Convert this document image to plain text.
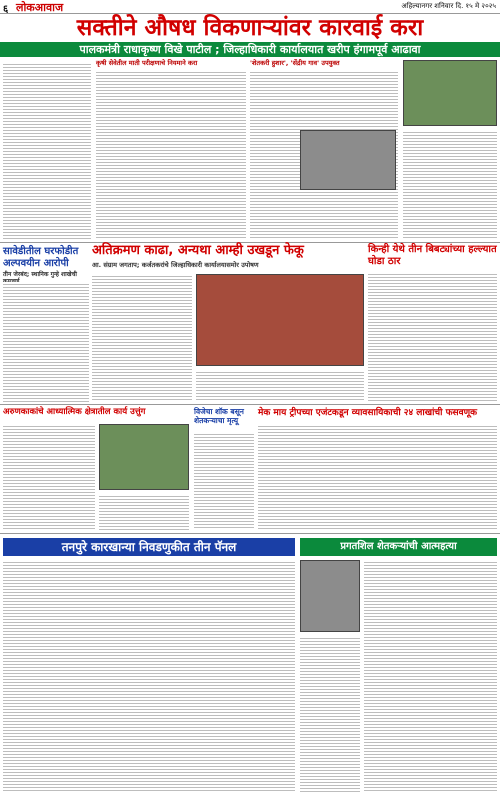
६ लोकआवाज	अहिल्यानगर शनिवार दि. १५ मे २०२५
सक्तीने औषध विकणाऱ्यांवर कारवाई करा
पालकमंत्री राधाकृष्ण विखे पाटील ; जिल्हाधिकारी कार्यालयात खरीप हंगामपूर्व आढावा
कृषी सेवेतील माती परीक्षणाचे नियमाने करा	'शेतकरी हुशार', 'सेंद्रीय गाव' उपयुक्त
सावेडीतील घरफोडीत अल्पवयीन आरोपी
तीन जेरबंद; स्थानिक गुन्हे शाखेची
अतिक्रमण काढा, अन्यथा आम्ही उखडून फेकू
आ. संग्राम जगताप; कर्जतकरांचे जिल्हाधिकारी कार्यालयासमोर उपोषण
किन्ही येथे तीन बिबट्यांच्या हल्ल्यात घोडा ठार
अरुणकाकांचे आध्यात्मिक क्षेत्रातील कार्य उत्तुंग	विजेचा शॉक बसून शेतकऱ्याचा मृत्यू
मेक माय ट्रीपच्या एजंटकडून व्यावसायिकाची २४ लाखांची फसवणूक
तनपुरे कारखान्या निवडणुकीत तीन पॅनल	प्रगतशिल शेतकऱ्यांची आत्महत्या
